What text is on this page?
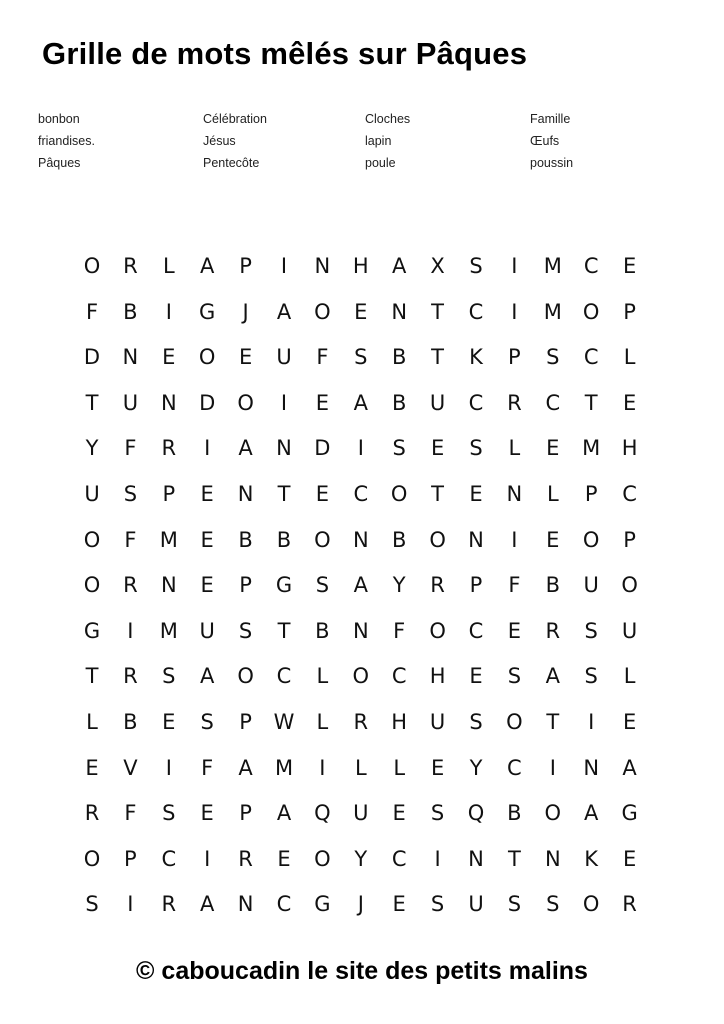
Grille de mots mêlés sur Pâques
bonbon	Célébration	Cloches	Famille
friandises.	Jésus	lapin	Œufs
Pâques	Pentecôte	poule	poussin
O	R	L	A	P	I	N	H	A	X	S	I	M	C	E
F	B	I	G	J	A	O	E	N	T	C	I	M	O	P
D	N	E	O	E	U	F	S	B	T	K	P	S	C	L
T	U	N	D	O	I	E	A	B	U	C	R	C	T	E
Y	F	R	I	A	N	D	I	S	E	S	L	E	M	H
U	S	P	E	N	T	E	C	O	T	E	N	L	P	C
O	F	M	E	B	B	O	N	B	O	N	I	E	O	P
O	R	N	E	P	G	S	A	Y	R	P	F	B	U	O
G	I	M	U	S	T	B	N	F	O	C	E	R	S	U
T	R	S	A	O	C	L	O	C	H	E	S	A	S	L
L	B	E	S	P	W	L	R	H	U	S	O	T	I	E
E	V	I	F	A	M	I	L	L	E	Y	C	I	N	A
R	F	S	E	P	A	Q	U	E	S	Q	B	O	A	G
O	P	C	I	R	E	O	Y	C	I	N	T	N	K	E
S	I	R	A	N	C	G	J	E	S	U	S	S	O	R
© caboucadin le site des petits malins
